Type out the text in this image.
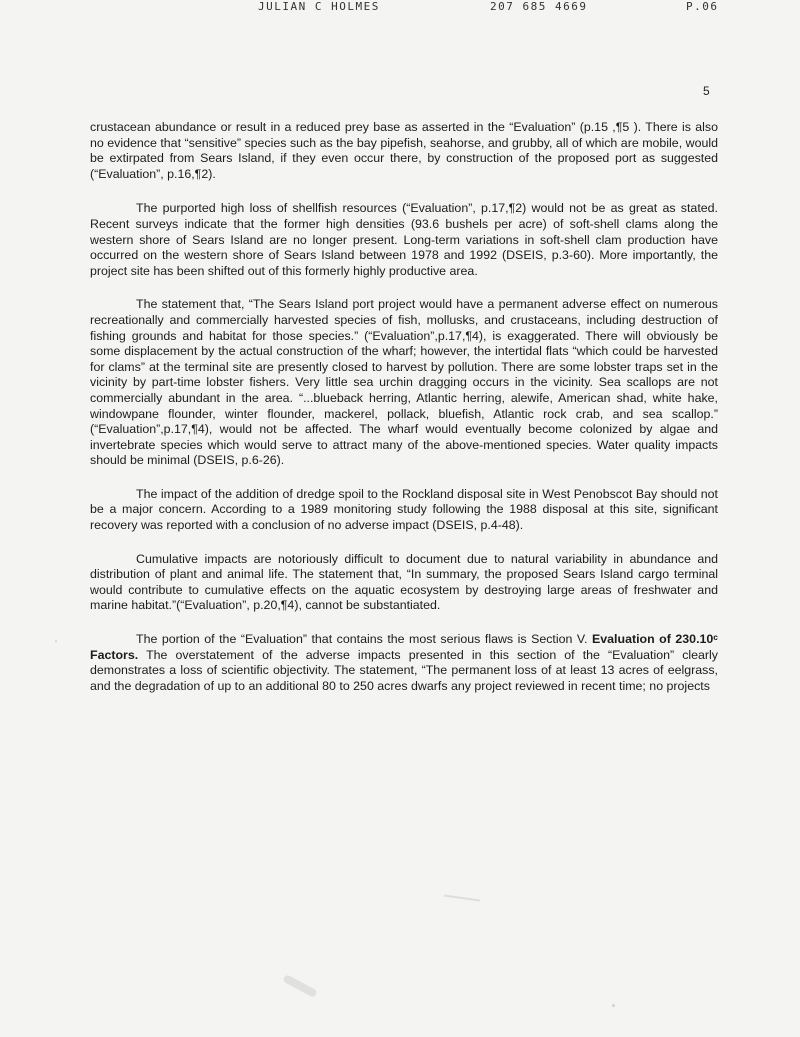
JULIAN C HOLMES	207 685 4669	P.06
5

crustacean abundance or result in a reduced prey base as asserted in the “Evaluation” (p.15 ,¶5 ). There is also no evidence that “sensitive” species such as the bay pipefish, seahorse, and grubby, all of which are mobile, would be extirpated from Sears Island, if they even occur there, by construction of the proposed port as suggested (“Evaluation”, p.16,¶2).

The purported high loss of shellfish resources (“Evaluation”, p.17,¶2) would not be as great as stated. Recent surveys indicate that the former high densities (93.6 bushels per acre) of soft-shell clams along the western shore of Sears Island are no longer present. Long-term variations in soft-shell clam production have occurred on the western shore of Sears Island between 1978 and 1992 (DSEIS, p.3-60). More importantly, the project site has been shifted out of this formerly highly productive area.

The statement that, “The Sears Island port project would have a permanent adverse effect on numerous recreationally and commercially harvested species of fish, mollusks, and crustaceans, including destruction of fishing grounds and habitat for those species.” (“Evaluation”,p.17,¶4), is exaggerated. There will obviously be some displacement by the actual construction of the wharf; however, the intertidal flats “which could be harvested for clams” at the terminal site are presently closed to harvest by pollution. There are some lobster traps set in the vicinity by part-time lobster fishers. Very little sea urchin dragging occurs in the vicinity. Sea scallops are not commercially abundant in the area. “...blueback herring, Atlantic herring, alewife, American shad, white hake, windowpane flounder, winter flounder, mackerel, pollack, bluefish, Atlantic rock crab, and sea scallop.” (“Evaluation”,p.17,¶4), would not be affected. The wharf would eventually become colonized by algae and invertebrate species which would serve to attract many of the above-mentioned species. Water quality impacts should be minimal (DSEIS, p.6-26).

The impact of the addition of dredge spoil to the Rockland disposal site in West Penobscot Bay should not be a major concern. According to a 1989 monitoring study following the 1988 disposal at this site, significant recovery was reported with a conclusion of no adverse impact (DSEIS, p.4-48).

Cumulative impacts are notoriously difficult to document due to natural variability in abundance and distribution of plant and animal life. The statement that, “In summary, the proposed Sears Island cargo terminal would contribute to cumulative effects on the aquatic ecosystem by destroying large areas of freshwater and marine habitat.”(“Evaluation”, p.20,¶4), cannot be substantiated.

The portion of the “Evaluation” that contains the most serious flaws is Section V. Evaluation of 230.10ᶜ Factors. The overstatement of the adverse impacts presented in this section of the “Evaluation” clearly demonstrates a loss of scientific objectivity. The statement, “The permanent loss of at least 13 acres of eelgrass, and the degradation of up to an additional 80 to 250 acres dwarfs any project reviewed in recent time; no projects
